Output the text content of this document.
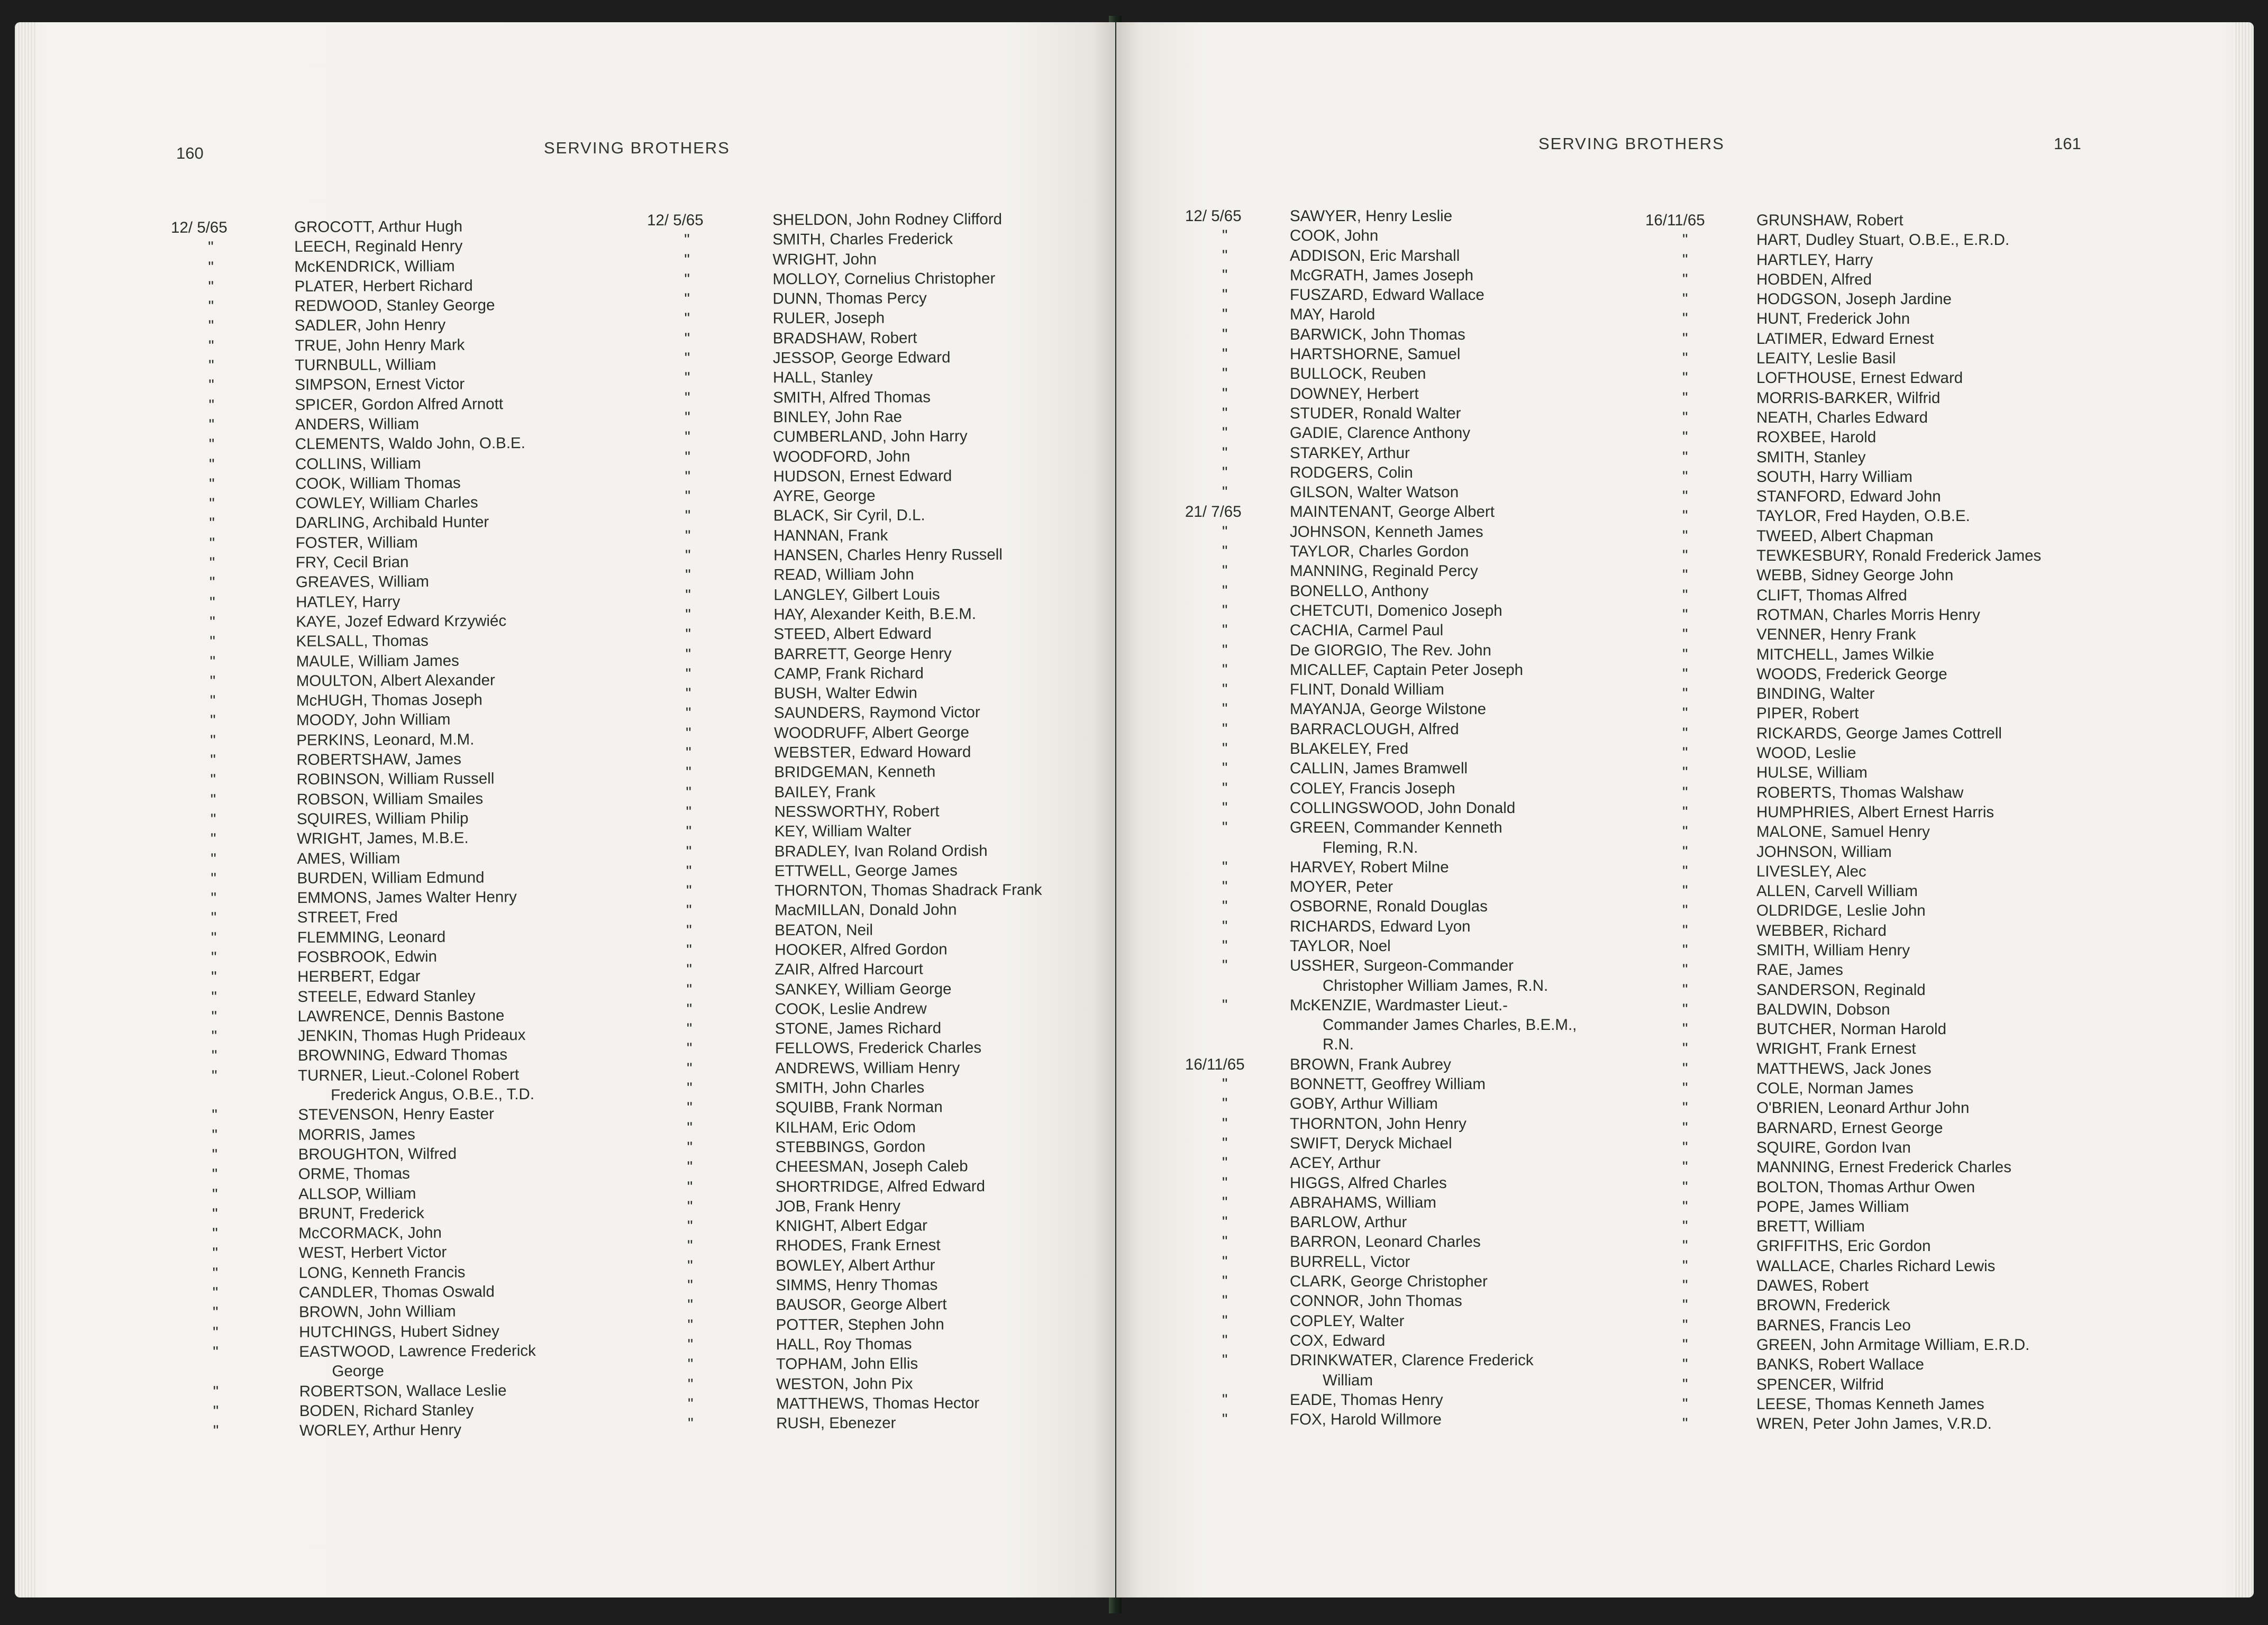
160	SERVING BROTHERS
12/ 5/65	GROCOTT, Arthur Hugh
"	LEECH, Reginald Henry
"	McKENDRICK, William
"	PLATER, Herbert Richard
"	REDWOOD, Stanley George
"	SADLER, John Henry
"	TRUE, John Henry Mark
"	TURNBULL, William
"	SIMPSON, Ernest Victor
"	SPICER, Gordon Alfred Arnott
"	ANDERS, William
"	CLEMENTS, Waldo John, O.B.E.
"	COLLINS, William
"	COOK, William Thomas
"	COWLEY, William Charles
"	DARLING, Archibald Hunter
"	FOSTER, William
"	FRY, Cecil Brian
"	GREAVES, William
"	HATLEY, Harry
"	KAYE, Jozef Edward Krzywiéc
"	KELSALL, Thomas
"	MAULE, William James
"	MOULTON, Albert Alexander
"	McHUGH, Thomas Joseph
"	MOODY, John William
"	PERKINS, Leonard, M.M.
"	ROBERTSHAW, James
"	ROBINSON, William Russell
"	ROBSON, William Smailes
"	SQUIRES, William Philip
"	WRIGHT, James, M.B.E.
"	AMES, William
"	BURDEN, William Edmund
"	EMMONS, James Walter Henry
"	STREET, Fred
"	FLEMMING, Leonard
"	FOSBROOK, Edwin
"	HERBERT, Edgar
"	STEELE, Edward Stanley
"	LAWRENCE, Dennis Bastone
"	JENKIN, Thomas Hugh Prideaux
"	BROWNING, Edward Thomas
"	TURNER, Lieut.-Colonel Robert
Frederick Angus, O.B.E., T.D.
"	STEVENSON, Henry Easter
"	MORRIS, James
"	BROUGHTON, Wilfred
"	ORME, Thomas
"	ALLSOP, William
"	BRUNT, Frederick
"	McCORMACK, John
"	WEST, Herbert Victor
"	LONG, Kenneth Francis
"	CANDLER, Thomas Oswald
"	BROWN, John William
"	HUTCHINGS, Hubert Sidney
"	EASTWOOD, Lawrence Frederick
George
"	ROBERTSON, Wallace Leslie
"	BODEN, Richard Stanley
"	WORLEY, Arthur Henry
12/ 5/65	SHELDON, John Rodney Clifford
"	SMITH, Charles Frederick
"	WRIGHT, John
"	MOLLOY, Cornelius Christopher
"	DUNN, Thomas Percy
"	RULER, Joseph
"	BRADSHAW, Robert
"	JESSOP, George Edward
"	HALL, Stanley
"	SMITH, Alfred Thomas
"	BINLEY, John Rae
"	CUMBERLAND, John Harry
"	WOODFORD, John
"	HUDSON, Ernest Edward
"	AYRE, George
"	BLACK, Sir Cyril, D.L.
"	HANNAN, Frank
"	HANSEN, Charles Henry Russell
"	READ, William John
"	LANGLEY, Gilbert Louis
"	HAY, Alexander Keith, B.E.M.
"	STEED, Albert Edward
"	BARRETT, George Henry
"	CAMP, Frank Richard
"	BUSH, Walter Edwin
"	SAUNDERS, Raymond Victor
"	WOODRUFF, Albert George
"	WEBSTER, Edward Howard
"	BRIDGEMAN, Kenneth
"	BAILEY, Frank
"	NESSWORTHY, Robert
"	KEY, William Walter
"	BRADLEY, Ivan Roland Ordish
"	ETTWELL, George James
"	THORNTON, Thomas Shadrack Frank
"	MacMILLAN, Donald John
"	BEATON, Neil
"	HOOKER, Alfred Gordon
"	ZAIR, Alfred Harcourt
"	SANKEY, William George
"	COOK, Leslie Andrew
"	STONE, James Richard
"	FELLOWS, Frederick Charles
"	ANDREWS, William Henry
"	SMITH, John Charles
"	SQUIBB, Frank Norman
"	KILHAM, Eric Odom
"	STEBBINGS, Gordon
"	CHEESMAN, Joseph Caleb
"	SHORTRIDGE, Alfred Edward
"	JOB, Frank Henry
"	KNIGHT, Albert Edgar
"	RHODES, Frank Ernest
"	BOWLEY, Albert Arthur
"	SIMMS, Henry Thomas
"	BAUSOR, George Albert
"	POTTER, Stephen John
"	HALL, Roy Thomas
"	TOPHAM, John Ellis
"	WESTON, John Pix
"	MATTHEWS, Thomas Hector
"	RUSH, Ebenezer
SERVING BROTHERS	161
12/ 5/65	SAWYER, Henry Leslie
"	COOK, John
"	ADDISON, Eric Marshall
"	McGRATH, James Joseph
"	FUSZARD, Edward Wallace
"	MAY, Harold
"	BARWICK, John Thomas
"	HARTSHORNE, Samuel
"	BULLOCK, Reuben
"	DOWNEY, Herbert
"	STUDER, Ronald Walter
"	GADIE, Clarence Anthony
"	STARKEY, Arthur
"	RODGERS, Colin
"	GILSON, Walter Watson
21/ 7/65	MAINTENANT, George Albert
"	JOHNSON, Kenneth James
"	TAYLOR, Charles Gordon
"	MANNING, Reginald Percy
"	BONELLO, Anthony
"	CHETCUTI, Domenico Joseph
"	CACHIA, Carmel Paul
"	De GIORGIO, The Rev. John
"	MICALLEF, Captain Peter Joseph
"	FLINT, Donald William
"	MAYANJA, George Wilstone
"	BARRACLOUGH, Alfred
"	BLAKELEY, Fred
"	CALLIN, James Bramwell
"	COLEY, Francis Joseph
"	COLLINGSWOOD, John Donald
"	GREEN, Commander Kenneth
Fleming, R.N.
"	HARVEY, Robert Milne
"	MOYER, Peter
"	OSBORNE, Ronald Douglas
"	RICHARDS, Edward Lyon
"	TAYLOR, Noel
"	USSHER, Surgeon-Commander
Christopher William James, R.N.
"	McKENZIE, Wardmaster Lieut.-
Commander James Charles, B.E.M.,
R.N.
16/11/65	BROWN, Frank Aubrey
"	BONNETT, Geoffrey William
"	GOBY, Arthur William
"	THORNTON, John Henry
"	SWIFT, Deryck Michael
"	ACEY, Arthur
"	HIGGS, Alfred Charles
"	ABRAHAMS, William
"	BARLOW, Arthur
"	BARRON, Leonard Charles
"	BURRELL, Victor
"	CLARK, George Christopher
"	CONNOR, John Thomas
"	COPLEY, Walter
"	COX, Edward
"	DRINKWATER, Clarence Frederick
William
"	EADE, Thomas Henry
"	FOX, Harold Willmore
16/11/65	GRUNSHAW, Robert
"	HART, Dudley Stuart, O.B.E., E.R.D.
"	HARTLEY, Harry
"	HOBDEN, Alfred
"	HODGSON, Joseph Jardine
"	HUNT, Frederick John
"	LATIMER, Edward Ernest
"	LEAITY, Leslie Basil
"	LOFTHOUSE, Ernest Edward
"	MORRIS-BARKER, Wilfrid
"	NEATH, Charles Edward
"	ROXBEE, Harold
"	SMITH, Stanley
"	SOUTH, Harry William
"	STANFORD, Edward John
"	TAYLOR, Fred Hayden, O.B.E.
"	TWEED, Albert Chapman
"	TEWKESBURY, Ronald Frederick James
"	WEBB, Sidney George John
"	CLIFT, Thomas Alfred
"	ROTMAN, Charles Morris Henry
"	VENNER, Henry Frank
"	MITCHELL, James Wilkie
"	WOODS, Frederick George
"	BINDING, Walter
"	PIPER, Robert
"	RICKARDS, George James Cottrell
"	WOOD, Leslie
"	HULSE, William
"	ROBERTS, Thomas Walshaw
"	HUMPHRIES, Albert Ernest Harris
"	MALONE, Samuel Henry
"	JOHNSON, William
"	LIVESLEY, Alec
"	ALLEN, Carvell William
"	OLDRIDGE, Leslie John
"	WEBBER, Richard
"	SMITH, William Henry
"	RAE, James
"	SANDERSON, Reginald
"	BALDWIN, Dobson
"	BUTCHER, Norman Harold
"	WRIGHT, Frank Ernest
"	MATTHEWS, Jack Jones
"	COLE, Norman James
"	O'BRIEN, Leonard Arthur John
"	BARNARD, Ernest George
"	SQUIRE, Gordon Ivan
"	MANNING, Ernest Frederick Charles
"	BOLTON, Thomas Arthur Owen
"	POPE, James William
"	BRETT, William
"	GRIFFITHS, Eric Gordon
"	WALLACE, Charles Richard Lewis
"	DAWES, Robert
"	BROWN, Frederick
"	BARNES, Francis Leo
"	GREEN, John Armitage William, E.R.D.
"	BANKS, Robert Wallace
"	SPENCER, Wilfrid
"	LEESE, Thomas Kenneth James
"	WREN, Peter John James, V.R.D.
